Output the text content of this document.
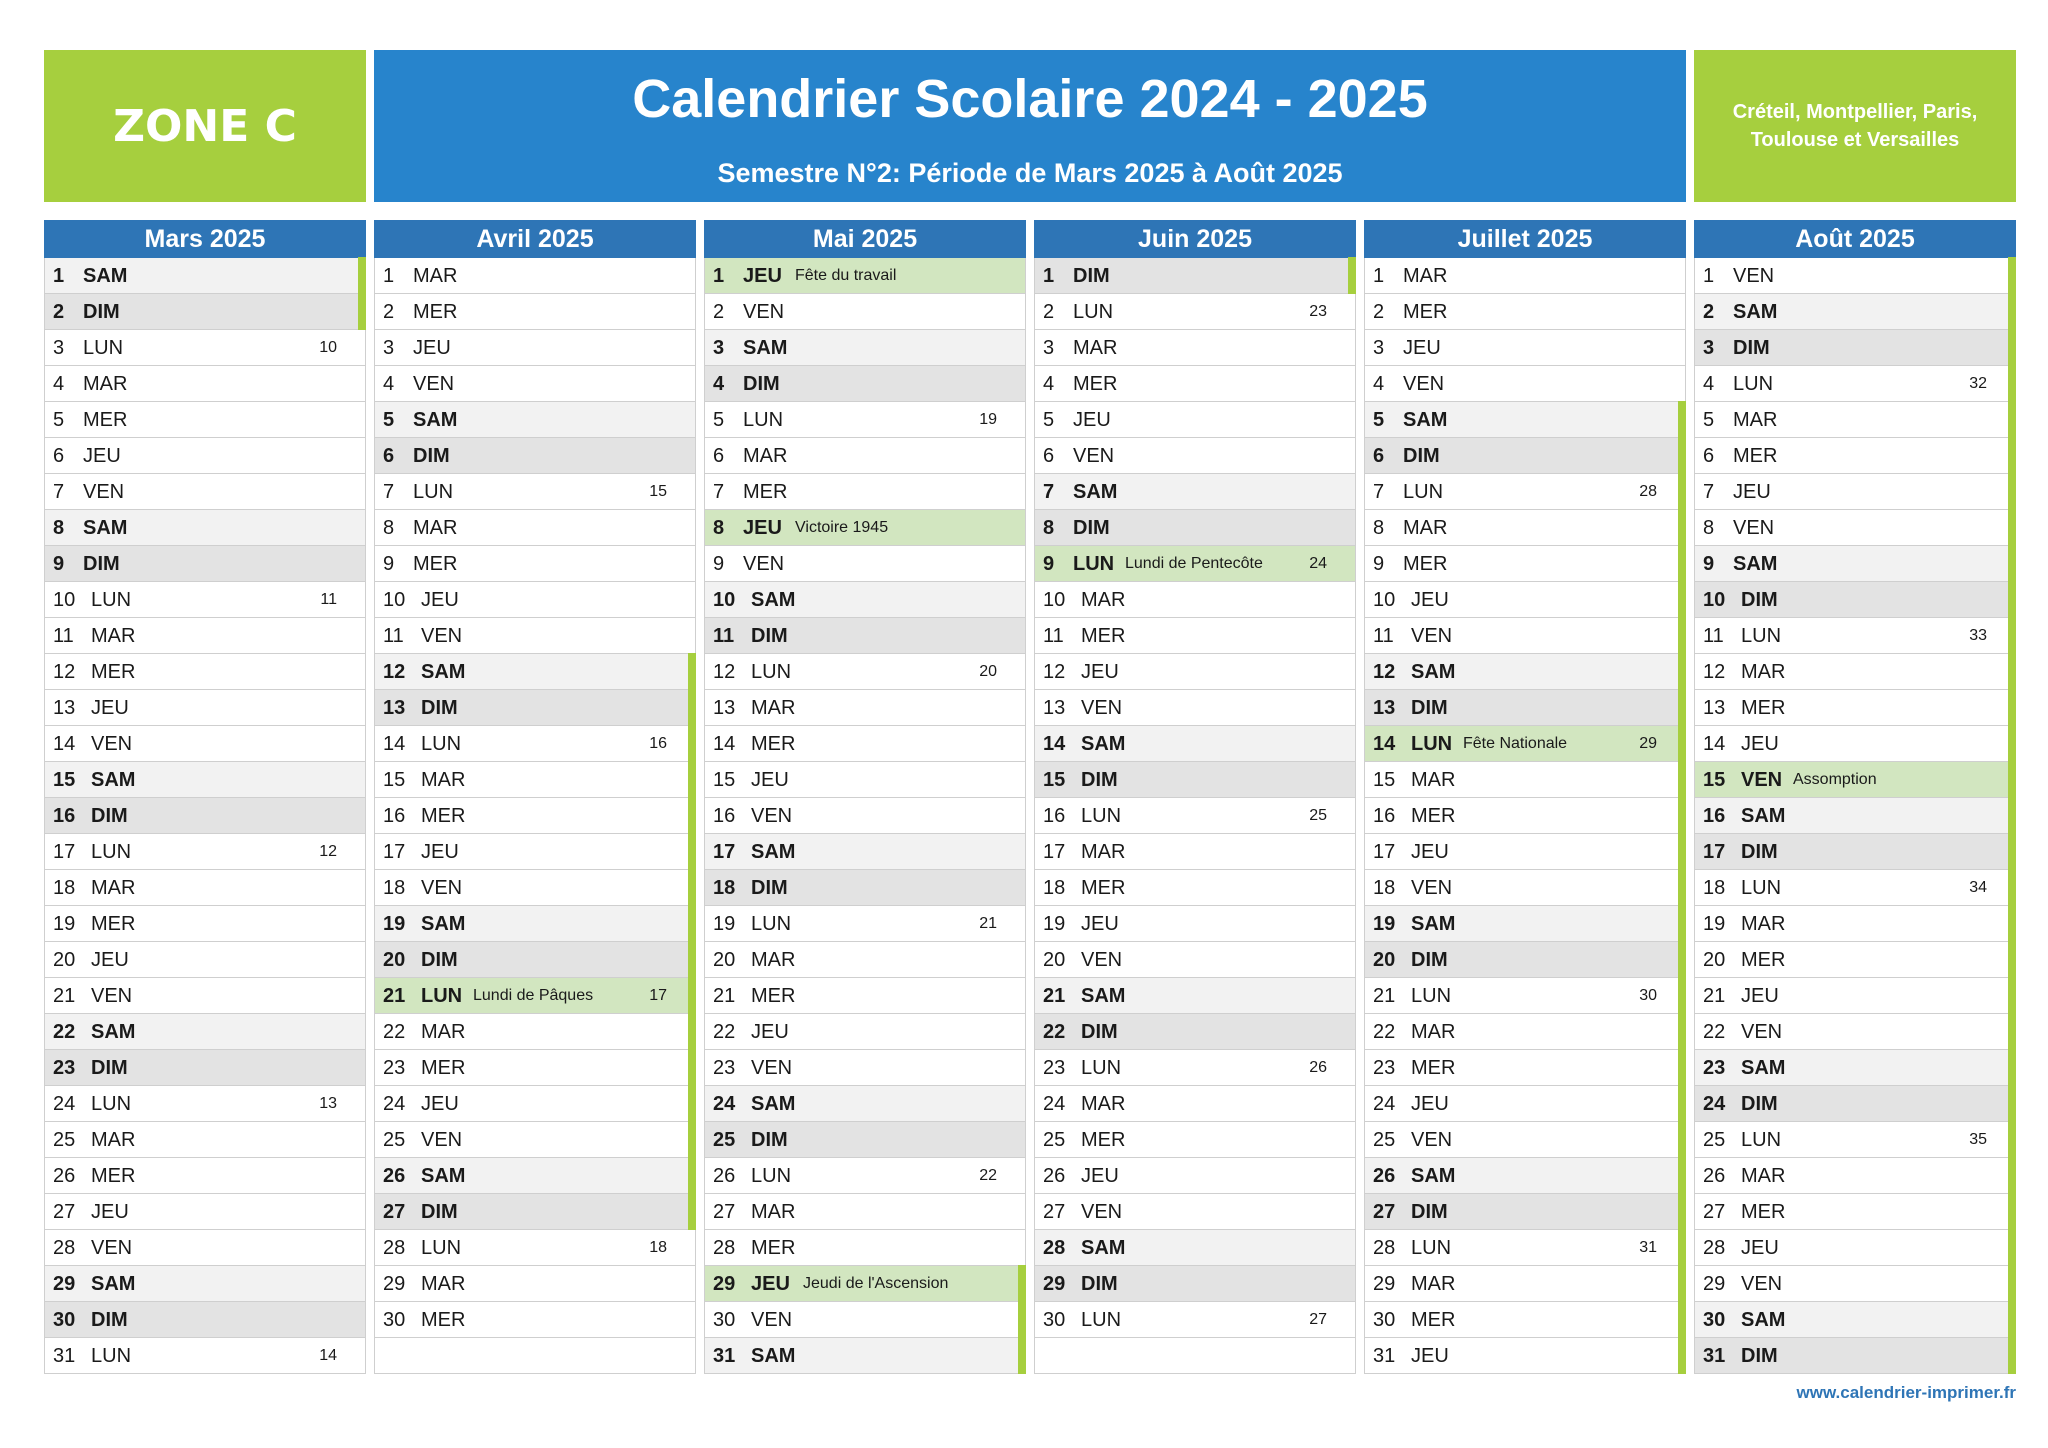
ZONE C	Calendrier Scolaire 2024 - 2025
Semestre N°2: Période de Mars 2025 à Août 2025
Créteil, Montpellier, Paris, Toulouse et Versailles
Mars 2025
1 SAM
2 DIM
3 LUN	10
4 MAR
5 MER
6 JEU
7 VEN
8 SAM
9 DIM
10 LUN	11
11 MAR
12 MER
13 JEU
14 VEN
15 SAM
16 DIM
17 LUN	12
18 MAR
19 MER
20 JEU
21 VEN
22 SAM
23 DIM
24 LUN	13
25 MAR
26 MER
27 JEU
28 VEN
29 SAM
30 DIM
31 LUN	14
Avril 2025
1 MAR
2 MER
3 JEU
4 VEN
5 SAM
6 DIM
7 LUN	15
8 MAR
9 MER
10 JEU
11 VEN
12 SAM
13 DIM
14 LUN	16
15 MAR
16 MER
17 JEU
18 VEN
19 SAM
20 DIM
21 LUN Lundi de Pâques	17
22 MAR
23 MER
24 JEU
25 VEN
26 SAM
27 DIM
28 LUN	18
29 MAR
30 MER
Mai 2025
1 JEU Fête du travail
2 VEN
3 SAM
4 DIM
5 LUN	19
6 MAR
7 MER
8 JEU Victoire 1945
9 VEN
10 SAM
11 DIM
12 LUN	20
13 MAR
14 MER
15 JEU
16 VEN
17 SAM
18 DIM
19 LUN	21
20 MAR
21 MER
22 JEU
23 VEN
24 SAM
25 DIM
26 LUN	22
27 MAR
28 MER
29 JEU Jeudi de l'Ascension
30 VEN
31 SAM
Juin 2025
1 DIM
2 LUN	23
3 MAR
4 MER
5 JEU
6 VEN
7 SAM
8 DIM
9 LUN Lundi de Pentecôte	24
10 MAR
11 MER
12 JEU
13 VEN
14 SAM
15 DIM
16 LUN	25
17 MAR
18 MER
19 JEU
20 VEN
21 SAM
22 DIM
23 LUN	26
24 MAR
25 MER
26 JEU
27 VEN
28 SAM
29 DIM
30 LUN	27
Juillet 2025
1 MAR
2 MER
3 JEU
4 VEN
5 SAM
6 DIM
7 LUN	28
8 MAR
9 MER
10 JEU
11 VEN
12 SAM
13 DIM
14 LUN Fête Nationale	29
15 MAR
16 MER
17 JEU
18 VEN
19 SAM
20 DIM
21 LUN	30
22 MAR
23 MER
24 JEU
25 VEN
26 SAM
27 DIM
28 LUN	31
29 MAR
30 MER
31 JEU
Août 2025
1 VEN
2 SAM
3 DIM
4 LUN	32
5 MAR
6 MER
7 JEU
8 VEN
9 SAM
10 DIM
11 LUN	33
12 MAR
13 MER
14 JEU
15 VEN Assomption
16 SAM
17 DIM
18 LUN	34
19 MAR
20 MER
21 JEU
22 VEN
23 SAM
24 DIM
25 LUN	35
26 MAR
27 MER
28 JEU
29 VEN
30 SAM
31 DIM
www.calendrier-imprimer.fr
